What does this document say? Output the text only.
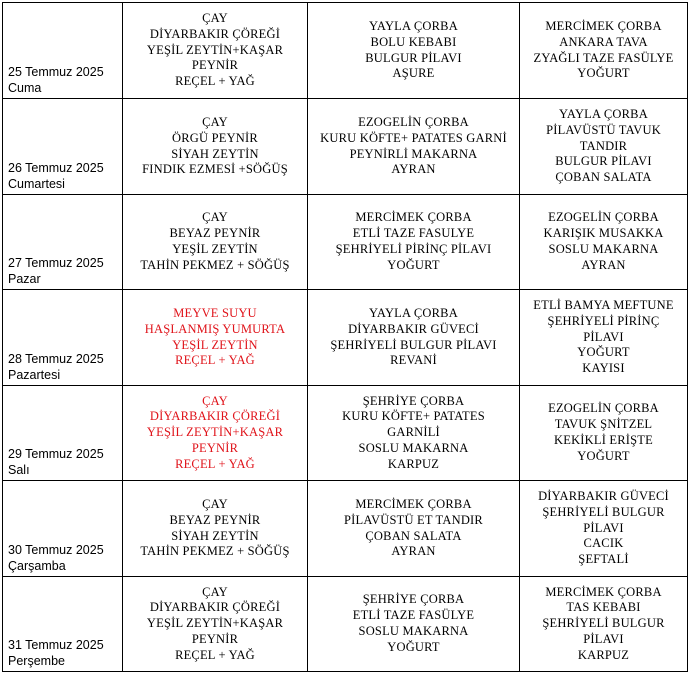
25 Temmuz 2025
Cuma	ÇAY
DİYARBAKIR ÇÖREĞİ
YEŞİL ZEYTİN+KAŞAR
PEYNİR
REÇEL + YAĞ	YAYLA ÇORBA
BOLU KEBABI
BULGUR PİLAVI
AŞURE	MERCİMEK ÇORBA
ANKARA TAVA
ZYAĞLI TAZE FASÜLYE
YOĞURT

26 Temmuz 2025
Cumartesi	ÇAY
ÖRGÜ PEYNİR
SİYAH ZEYTİN
FINDIK EZMESİ +SÖĞÜŞ	EZOGELİN ÇORBA
KURU KÖFTE+ PATATES GARNİ
PEYNİRLİ MAKARNA
AYRAN	YAYLA ÇORBA
PİLAVÜSTÜ TAVUK
TANDIR
BULGUR PİLAVI
ÇOBAN SALATA

27 Temmuz 2025
Pazar	ÇAY
BEYAZ PEYNİR
YEŞİL ZEYTİN
TAHİN PEKMEZ + SÖĞÜŞ	MERCİMEK ÇORBA
ETLİ TAZE FASULYE
ŞEHRİYELİ PİRİNÇ PİLAVI
YOĞURT	EZOGELİN ÇORBA
KARIŞIK MUSAKKA
SOSLU MAKARNA
AYRAN

28 Temmuz 2025
Pazartesi	MEYVE SUYU
HAŞLANMIŞ YUMURTA
YEŞİL ZEYTİN
REÇEL + YAĞ	YAYLA ÇORBA
DİYARBAKIR GÜVECİ
ŞEHRİYELİ BULGUR PİLAVI
REVANİ	ETLİ BAMYA MEFTUNE
ŞEHRİYELİ PİRİNÇ
PİLAVI
YOĞURT
KAYISI

29 Temmuz 2025
Salı	ÇAY
DİYARBAKIR ÇÖREĞİ
YEŞİL ZEYTİN+KAŞAR
PEYNİR
REÇEL + YAĞ	ŞEHRİYE ÇORBA
KURU KÖFTE+ PATATES
GARNİLİ
SOSLU MAKARNA
KARPUZ	EZOGELİN ÇORBA
TAVUK ŞNİTZEL
KEKİKLİ ERİŞTE
YOĞURT

30 Temmuz 2025
Çarşamba	ÇAY
BEYAZ PEYNİR
SİYAH ZEYTİN
TAHİN PEKMEZ + SÖĞÜŞ	MERCİMEK ÇORBA
PİLAVÜSTÜ ET TANDIR
ÇOBAN SALATA
AYRAN	DİYARBAKIR GÜVECİ
ŞEHRİYELİ BULGUR
PİLAVI
CACIK
ŞEFTALİ

31 Temmuz 2025
Perşembe	ÇAY
DİYARBAKIR ÇÖREĞİ
YEŞİL ZEYTİN+KAŞAR
PEYNİR
REÇEL + YAĞ	ŞEHRİYE ÇORBA
ETLİ TAZE FASÜLYE
SOSLU MAKARNA
YOĞURT	MERCİMEK ÇORBA
TAS KEBABI
ŞEHRİYELİ BULGUR
PİLAVI
KARPUZ
